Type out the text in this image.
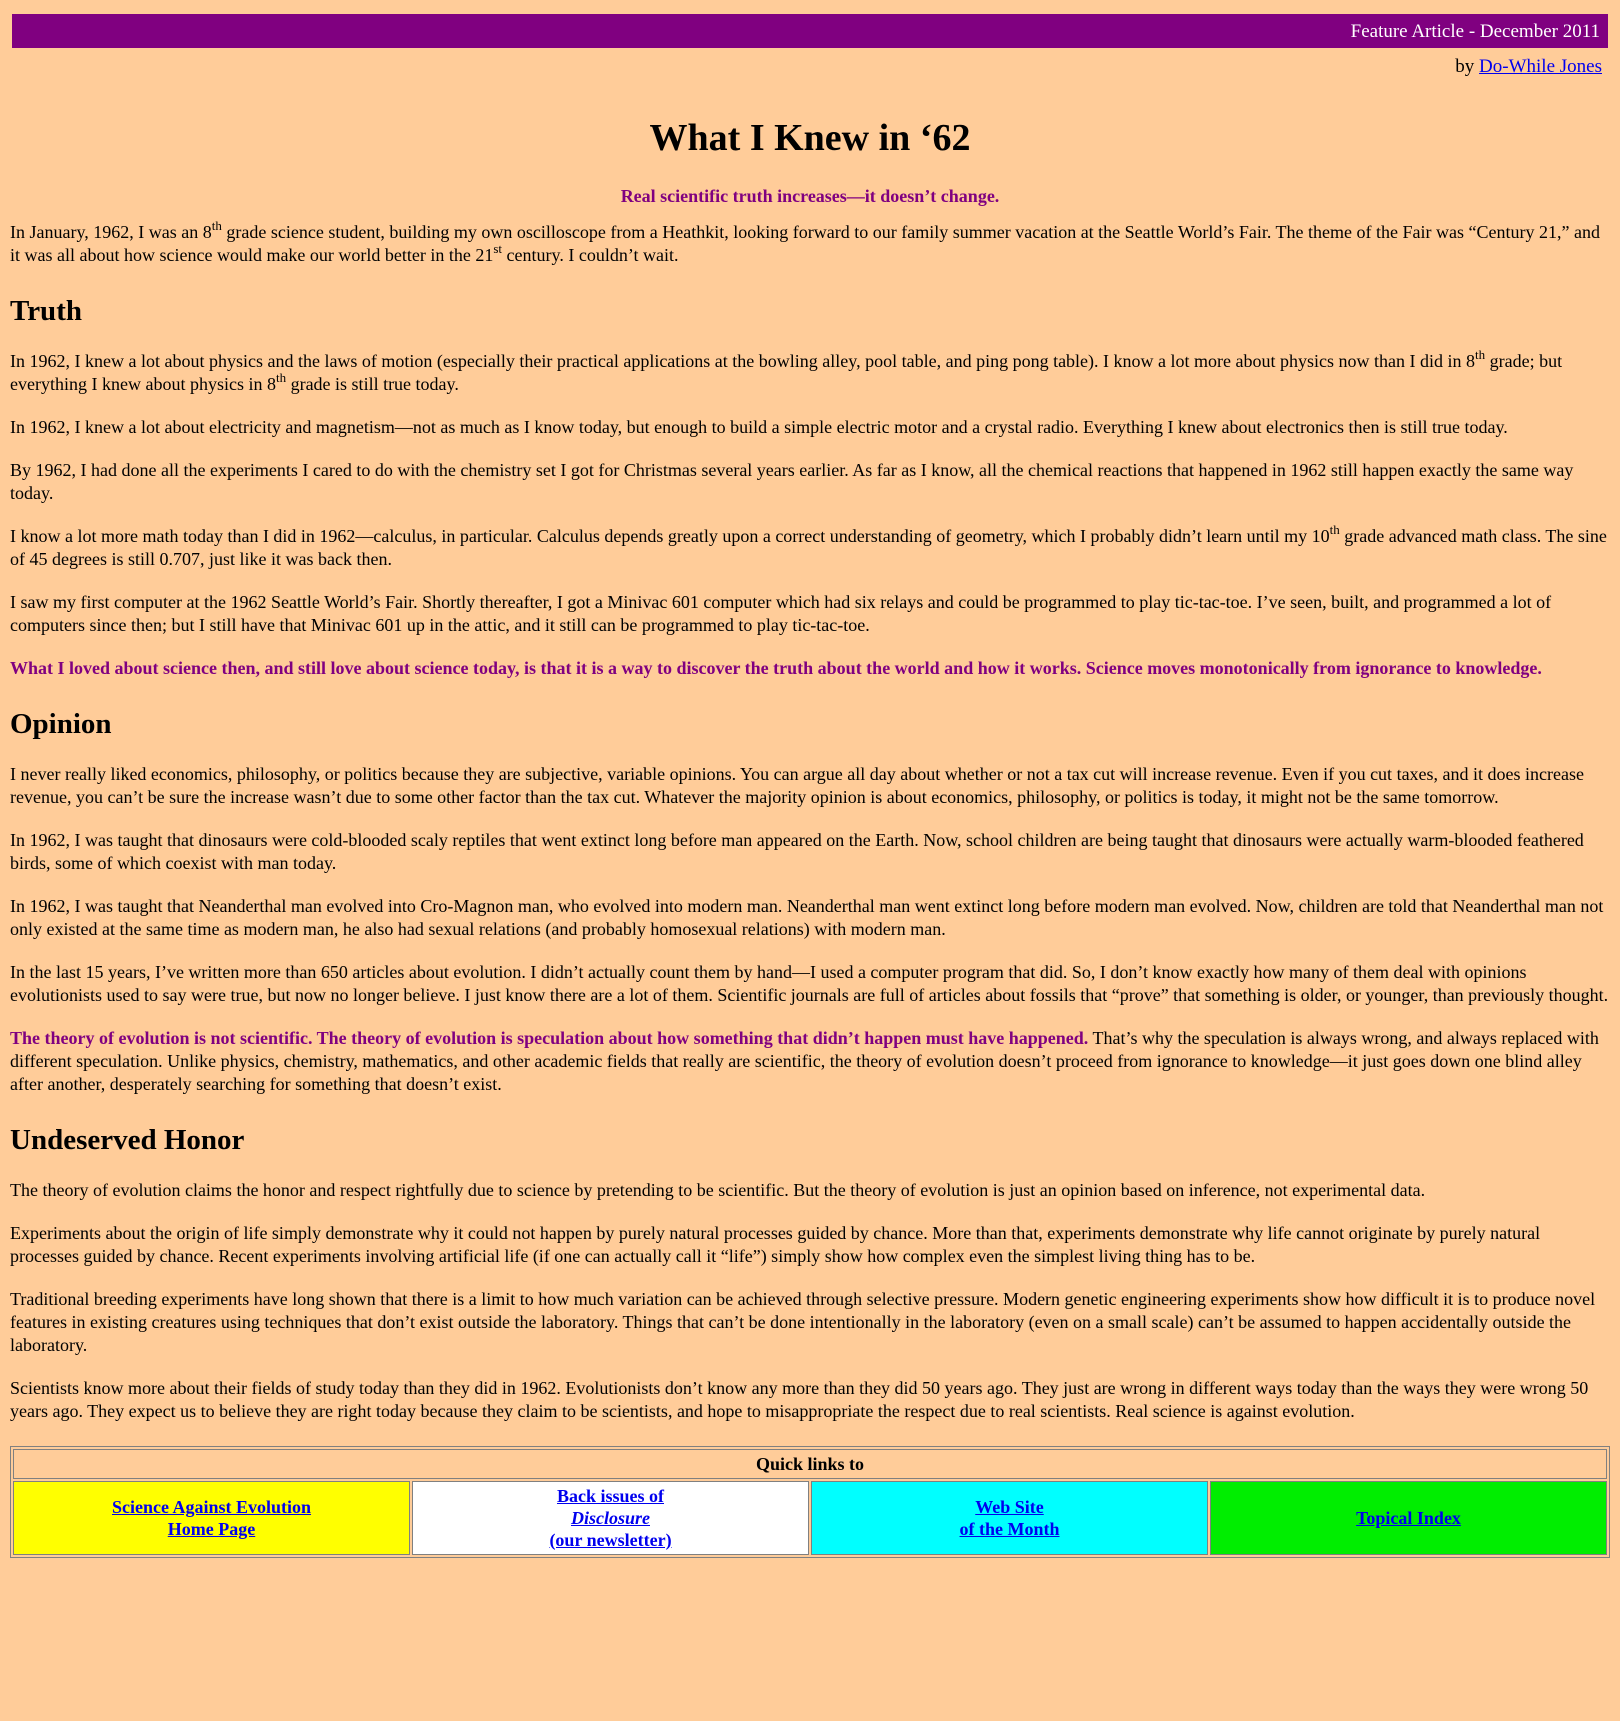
Feature Article - December 2011
by Do-While Jones
What I Knew in ‘62
Real scientific truth increases—it doesn’t change.

In January, 1962, I was an 8th grade science student, building my own oscilloscope from a Heathkit, looking forward to our family summer vacation at the Seattle World’s Fair. The theme of the Fair was “Century 21,” and it was all about how science would make our world better in the 21st century. I couldn’t wait.

Truth

In 1962, I knew a lot about physics and the laws of motion (especially their practical applications at the bowling alley, pool table, and ping pong table). I know a lot more about physics now than I did in 8th grade; but everything I knew about physics in 8th grade is still true today.

In 1962, I knew a lot about electricity and magnetism—not as much as I know today, but enough to build a simple electric motor and a crystal radio. Everything I knew about electronics then is still true today.

By 1962, I had done all the experiments I cared to do with the chemistry set I got for Christmas several years earlier. As far as I know, all the chemical reactions that happened in 1962 still happen exactly the same way today.

I know a lot more math today than I did in 1962—calculus, in particular. Calculus depends greatly upon a correct understanding of geometry, which I probably didn’t learn until my 10th grade advanced math class. The sine of 45 degrees is still 0.707, just like it was back then.

I saw my first computer at the 1962 Seattle World’s Fair. Shortly thereafter, I got a Minivac 601 computer which had six relays and could be programmed to play tic-tac-toe. I’ve seen, built, and programmed a lot of computers since then; but I still have that Minivac 601 up in the attic, and it still can be programmed to play tic-tac-toe.

What I loved about science then, and still love about science today, is that it is a way to discover the truth about the world and how it works. Science moves monotonically from ignorance to knowledge.

Opinion

I never really liked economics, philosophy, or politics because they are subjective, variable opinions. You can argue all day about whether or not a tax cut will increase revenue. Even if you cut taxes, and it does increase revenue, you can’t be sure the increase wasn’t due to some other factor than the tax cut. Whatever the majority opinion is about economics, philosophy, or politics is today, it might not be the same tomorrow.

In 1962, I was taught that dinosaurs were cold-blooded scaly reptiles that went extinct long before man appeared on the Earth. Now, school children are being taught that dinosaurs were actually warm-blooded feathered birds, some of which coexist with man today.

In 1962, I was taught that Neanderthal man evolved into Cro-Magnon man, who evolved into modern man. Neanderthal man went extinct long before modern man evolved. Now, children are told that Neanderthal man not only existed at the same time as modern man, he also had sexual relations (and probably homosexual relations) with modern man.

In the last 15 years, I’ve written more than 650 articles about evolution. I didn’t actually count them by hand—I used a computer program that did. So, I don’t know exactly how many of them deal with opinions evolutionists used to say were true, but now no longer believe. I just know there are a lot of them. Scientific journals are full of articles about fossils that “prove” that something is older, or younger, than previously thought.

The theory of evolution is not scientific. The theory of evolution is speculation about how something that didn’t happen must have happened. That’s why the speculation is always wrong, and always replaced with different speculation. Unlike physics, chemistry, mathematics, and other academic fields that really are scientific, the theory of evolution doesn’t proceed from ignorance to knowledge—it just goes down one blind alley after another, desperately searching for something that doesn’t exist.

Undeserved Honor

The theory of evolution claims the honor and respect rightfully due to science by pretending to be scientific. But the theory of evolution is just an opinion based on inference, not experimental data.

Experiments about the origin of life simply demonstrate why it could not happen by purely natural processes guided by chance. More than that, experiments demonstrate why life cannot originate by purely natural processes guided by chance. Recent experiments involving artificial life (if one can actually call it “life”) simply show how complex even the simplest living thing has to be.

Traditional breeding experiments have long shown that there is a limit to how much variation can be achieved through selective pressure. Modern genetic engineering experiments show how difficult it is to produce novel features in existing creatures using techniques that don’t exist outside the laboratory. Things that can’t be done intentionally in the laboratory (even on a small scale) can’t be assumed to happen accidentally outside the laboratory.

Scientists know more about their fields of study today than they did in 1962. Evolutionists don’t know any more than they did 50 years ago. They just are wrong in different ways today than the ways they were wrong 50 years ago. They expect us to believe they are right today because they claim to be scientists, and hope to misappropriate the respect due to real scientists. Real science is against evolution.

Quick links to
Science Against Evolution
Home Page	Back issues of
Disclosure
(our newsletter)	Web Site
of the Month	Topical Index
